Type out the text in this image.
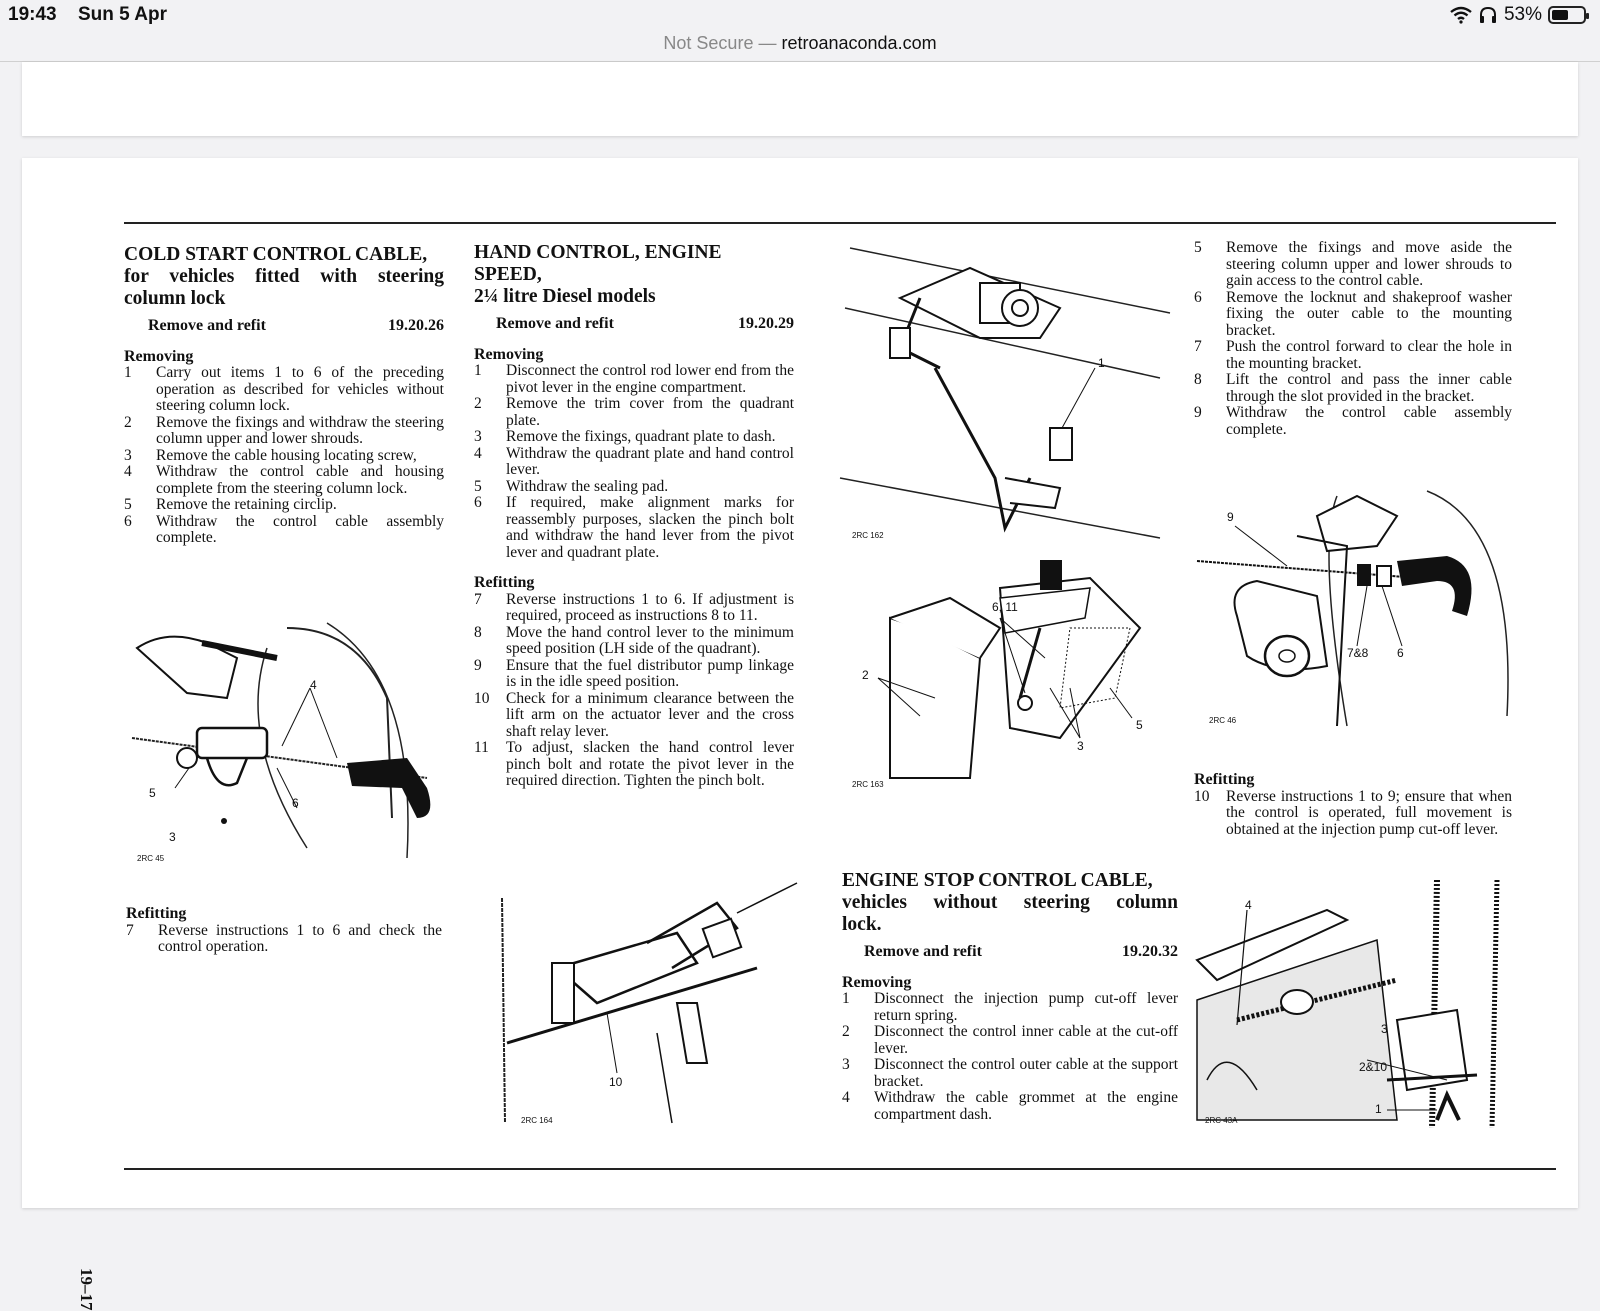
19:43 Sun 5 Apr	53%
Not Secure — retroanaconda.com
COLD START CONTROL CABLE,
for vehicles fitted with steering
column lock
Remove and refit	19.20.26
Removing
1	Carry out items 1 to 6 of the preceding operation as described for vehicles without steering column lock.
2	Remove the fixings and withdraw the steering column upper and lower shrouds.
3	Remove the cable housing locating screw,
4	Withdraw the control cable and housing complete from the steering column lock.
5	Remove the retaining circlip.
6	Withdraw the control cable assembly complete.
4
5
3
6
2RC 45
Refitting
7	Reverse instructions 1 to 6 and check the control operation.
HAND CONTROL, ENGINE SPEED,
2¼ litre Diesel models
Remove and refit	19.20.29
Removing
1	Disconnect the control rod lower end from the pivot lever in the engine compartment.
2	Remove the trim cover from the quadrant plate.
3	Remove the fixings, quadrant plate to dash.
4	Withdraw the quadrant plate and hand control lever.
5	Withdraw the sealing pad.
6	If required, make alignment marks for reassembly purposes, slacken the pinch bolt and withdraw the hand lever from the pivot lever and quadrant plate.
Refitting
7	Reverse instructions 1 to 6. If adjustment is required, proceed as instructions 8 to 11.
8	Move the hand control lever to the minimum speed position (LH side of the quadrant).
9	Ensure that the fuel distributor pump linkage is in the idle speed position.
10	Check for a minimum clearance between the lift arm on the actuator lever and the cross shaft relay lever.
11	To adjust, slacken the hand control lever pinch bolt and rotate the pivot lever in the required direction. Tighten the pinch bolt.
10
2RC 164
1
2RC 162
6, 11
2
3
5
2RC 163
ENGINE STOP CONTROL CABLE,
vehicles without steering column
lock.
Remove and refit	19.20.32
Removing
1	Disconnect the injection pump cut-off lever return spring.
2	Disconnect the control inner cable at the cut-off lever.
3	Disconnect the control outer cable at the support bracket.
4	Withdraw the cable grommet at the engine compartment dash.
5	Remove the fixings and move aside the steering column upper and lower shrouds to gain access to the control cable.
6	Remove the locknut and shakeproof washer fixing the outer cable to the mounting bracket.
7	Push the control forward to clear the hole in the mounting bracket.
8	Lift the control and pass the inner cable through the slot provided in the bracket.
9	Withdraw the control cable assembly complete.
9
7&8 6
2RC 46
Refitting
10	Reverse instructions 1 to 9; ensure that when the control is operated, full movement is obtained at the injection pump cut-off lever.
4
3
2&10
1
2RC 43A
19–17
